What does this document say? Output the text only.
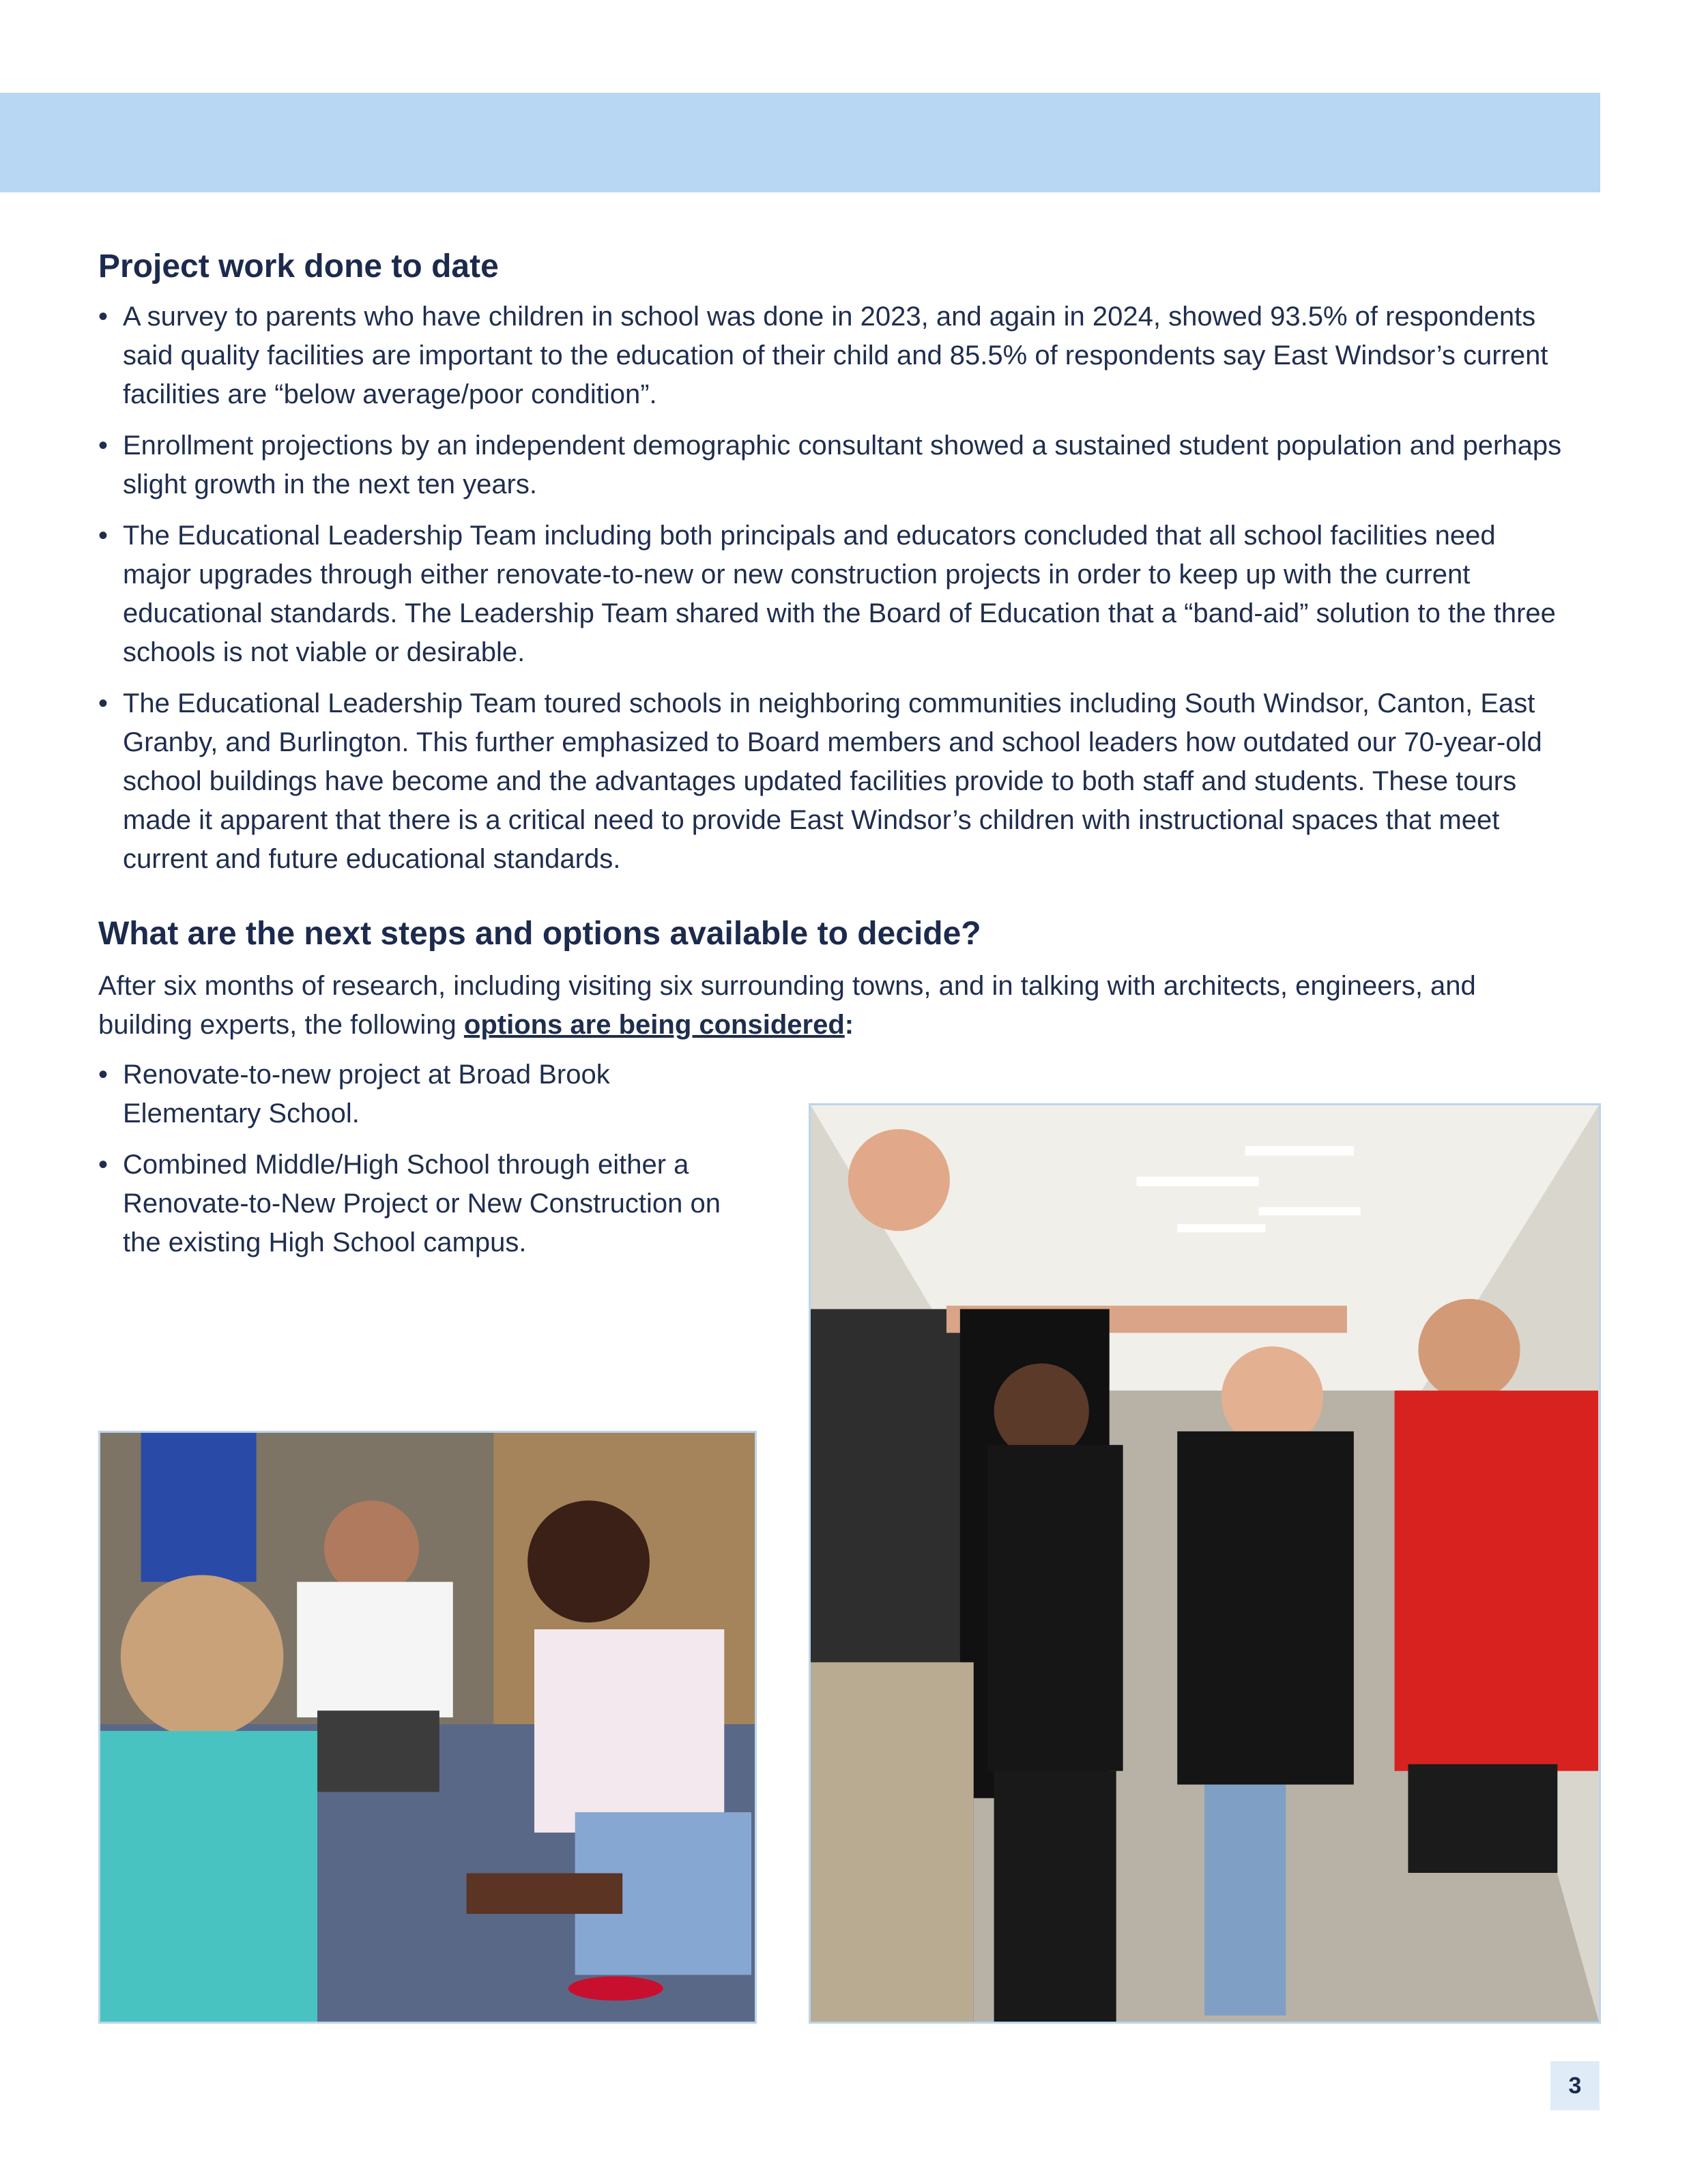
Project work done to date
• A survey to parents who have children in school was done in 2023, and again in 2024, showed 93.5% of respondents said quality facilities are important to the education of their child and 85.5% of respondents say East Windsor’s current facilities are “below average/poor condition”.
• Enrollment projections by an independent demographic consultant showed a sustained student population and perhaps slight growth in the next ten years.
• The Educational Leadership Team including both principals and educators concluded that all school facilities need major upgrades through either renovate-to-new or new construction projects in order to keep up with the current educational standards. The Leadership Team shared with the Board of Education that a “band-aid” solution to the three schools is not viable or desirable.
• The Educational Leadership Team toured schools in neighboring communities including South Windsor, Canton, East Granby, and Burlington. This further emphasized to Board members and school leaders how outdated our 70-year-old school buildings have become and the advantages updated facilities provide to both staff and students. These tours made it apparent that there is a critical need to provide East Windsor’s children with instructional spaces that meet current and future educational standards.
What are the next steps and options available to decide?

After six months of research, including visiting six surrounding towns, and in talking with architects, engineers, and building experts, the following options are being considered:

• Renovate-to-new project at Broad Brook Elementary School.
• Combined Middle/High School through either a Renovate-to-New Project or New Construction on the existing High School campus.
3
